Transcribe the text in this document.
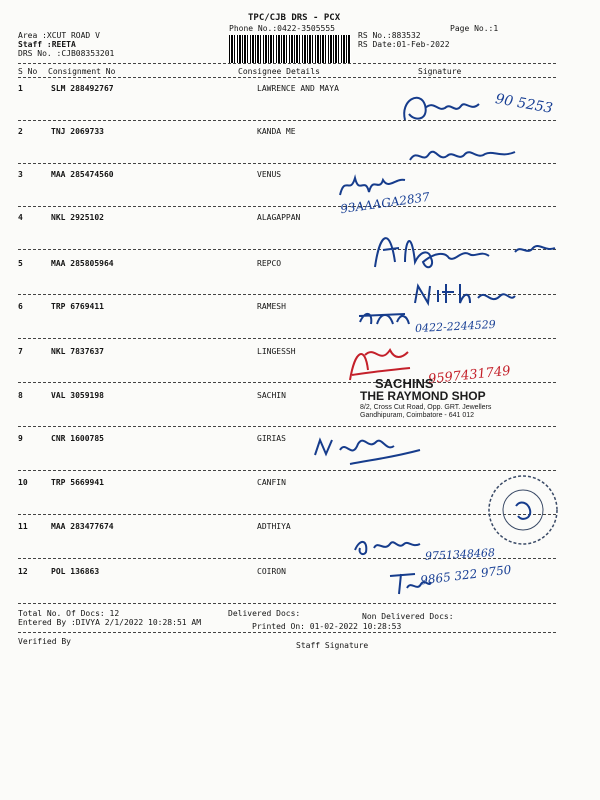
TPC/CJB DRS - PCX
Phone No.:0422-3505555	Page No.:1
Area :XCUT ROAD V
Staff :REETA
DRS No. :CJB08353201
RS No.:883532
RS Date:01-Feb-2022
S No Consignment No	Consignee Details	Signature
1	SLM 288492767	LAWRENCE AND MAYA
2	TNJ 2069733	KANDA ME
3	MAA 285474560	VENUS
4	NKL 2925102	ALAGAPPAN
5	MAA 285805964	REPCO
6	TRP 6769411	RAMESH
7	NKL 7837637	LINGESSH
8	VAL 3059198	SACHIN
9	CNR 1600785	GIRIAS
10	TRP 5669941	CANFIN
11	MAA 283477674	ADTHIYA
12	POL 136863	COIRON
90 5253
93AAAGA2837
0422-2244529
9597431749
SACHINS
THE RAYMOND SHOP
8/2, Cross Cut Road, Opp. GRT. Jewellers
Gandhipuram, Coimbatore - 641 012
9751348468
9865 322 9750
Total No. Of Docs: 12	Delivered Docs:	Non Delivered Docs:
Entered By :DIVYA 2/1/2022 10:28:51 AM	Printed On: 01-02-2022 10:28:53
Verified By	Staff Signature
